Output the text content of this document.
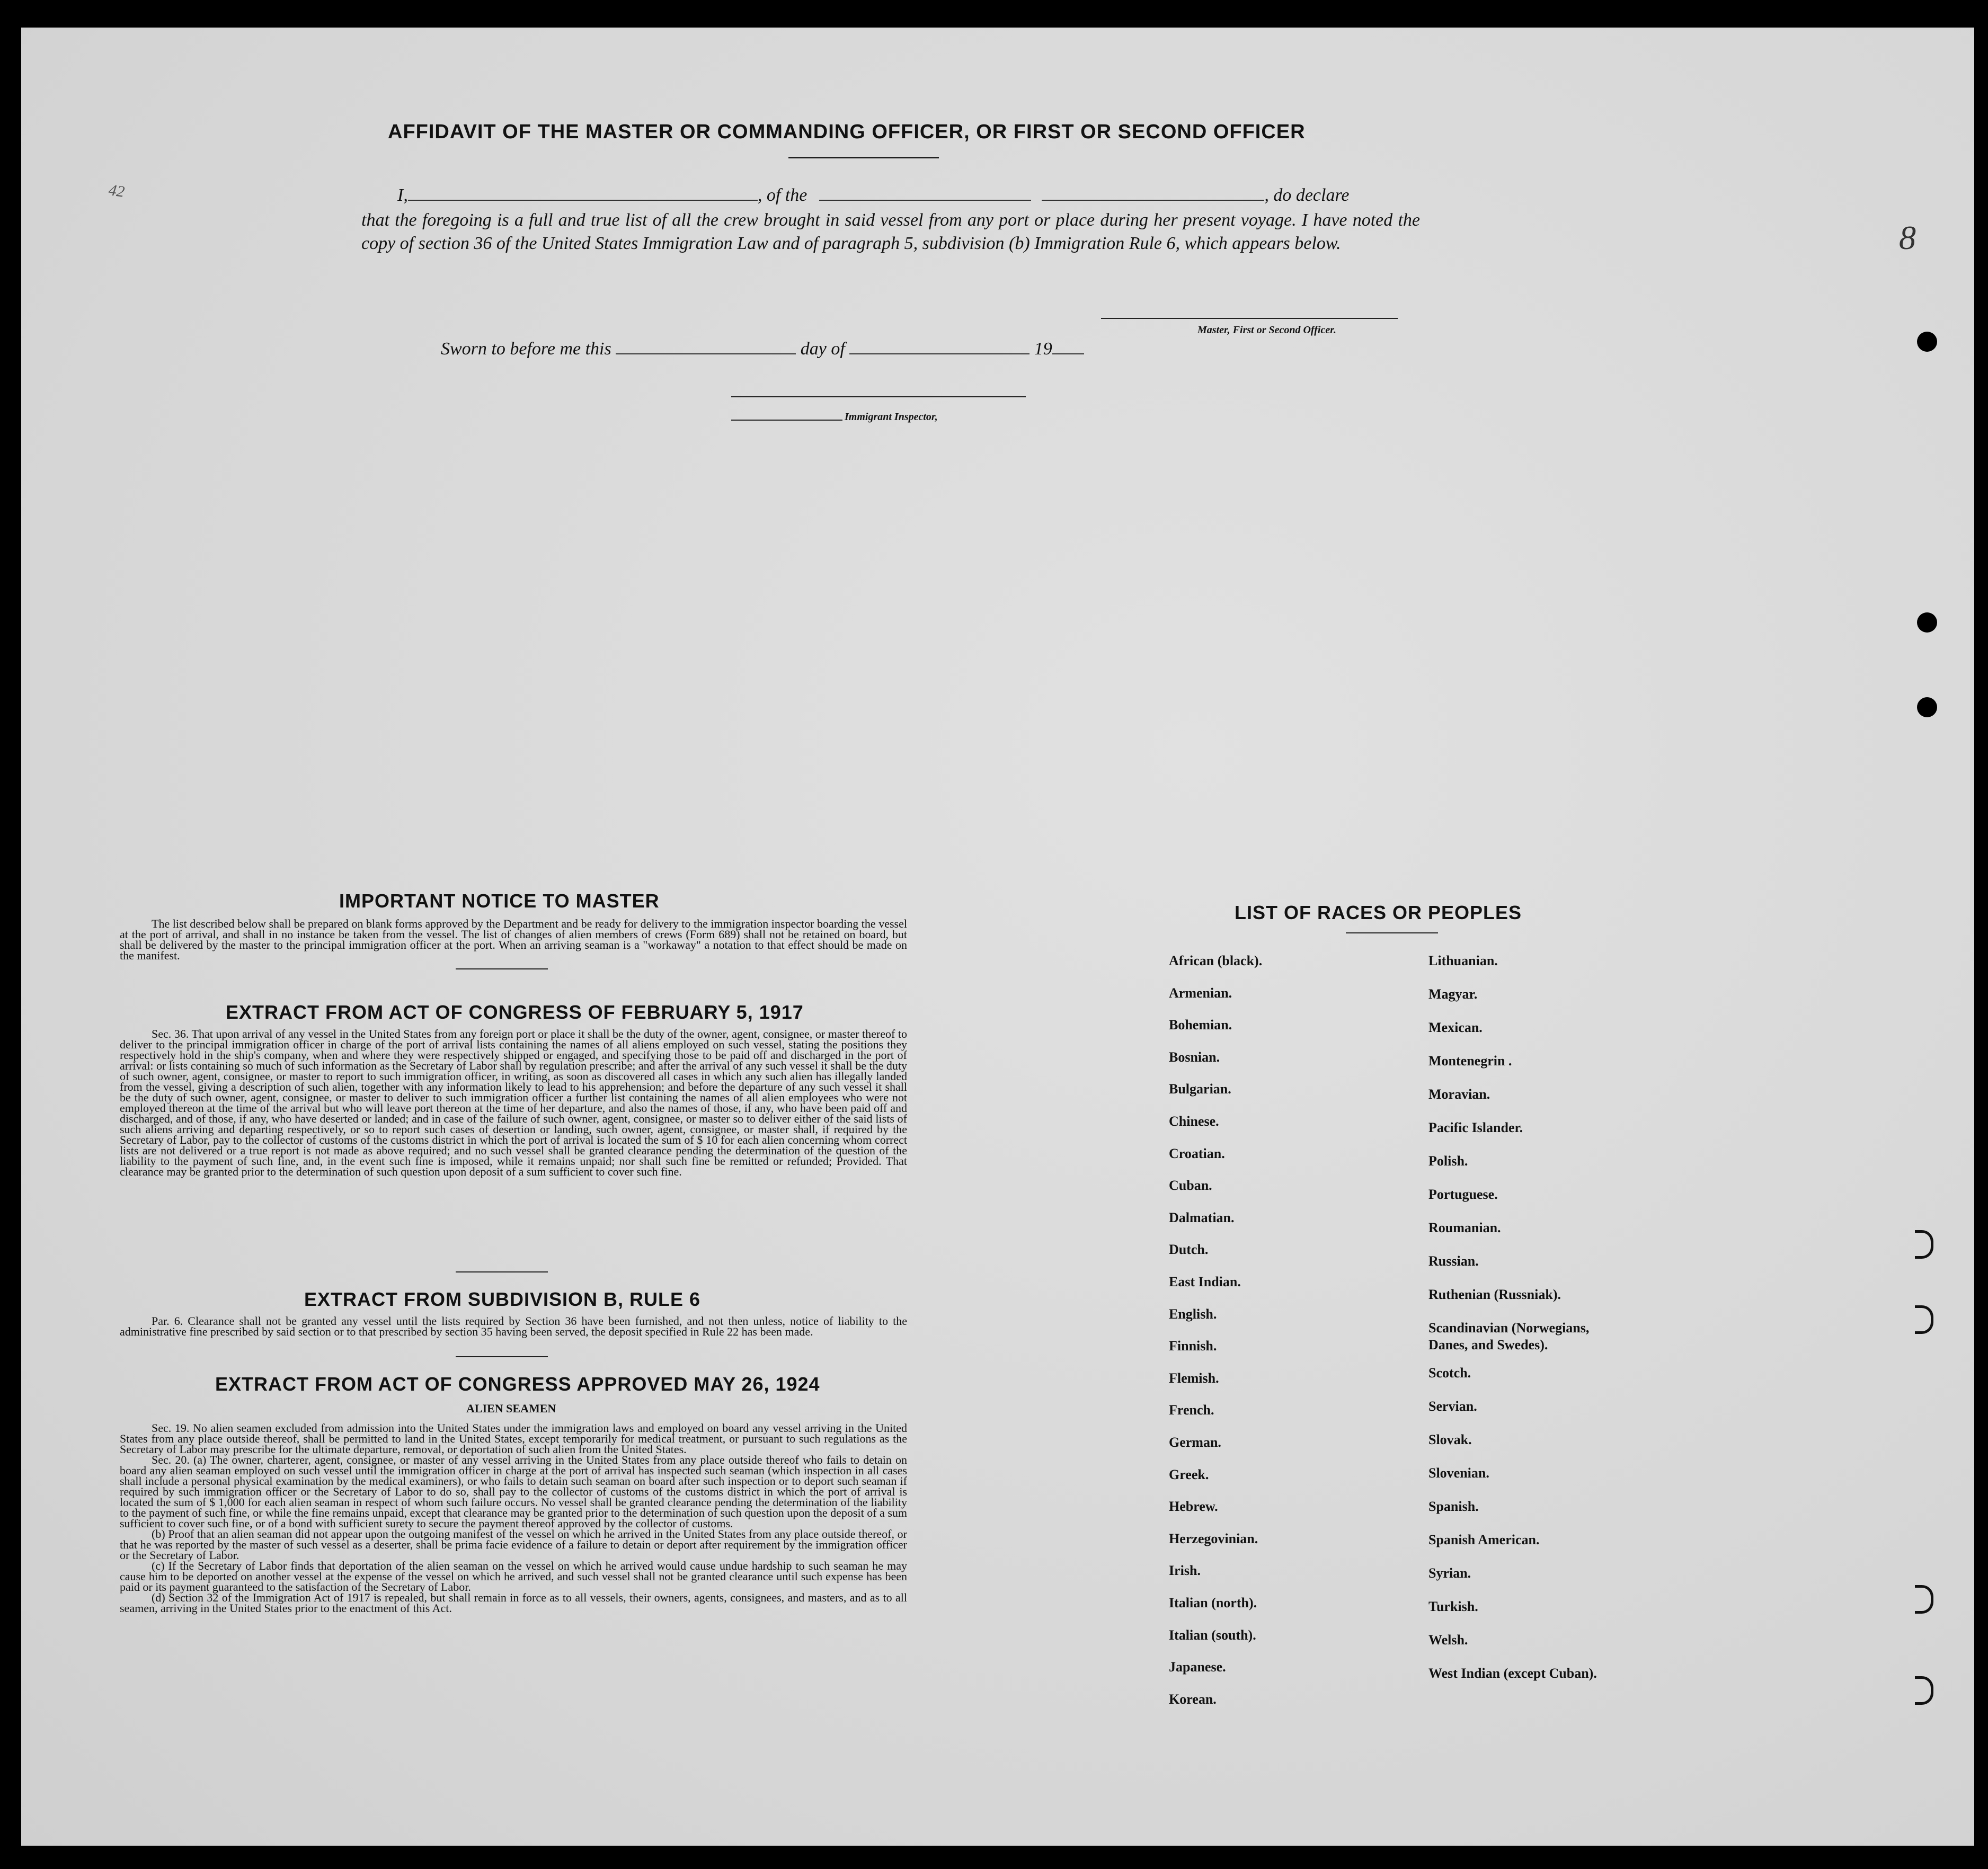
AFFIDAVIT OF THE MASTER OR COMMANDING OFFICER, OR FIRST OR SECOND OFFICER
42	I,	, of the	, do declare
that the foregoing is a full and true list of all the crew brought in said vessel from any port or place during her present voyage. I have noted the copy of section 36 of the United States Immigration Law and of paragraph 5, subdivision (b) Immigration Rule 6, which appears below.
Master, First or Second Officer.
Sworn to before me this	day of	19
Immigrant Inspector,
IMPORTANT NOTICE TO MASTER

The list described below shall be prepared on blank forms approved by the Department and be ready for delivery to the immigration inspector boarding the vessel at the port of arrival, and shall in no instance be taken from the vessel. The list of changes of alien members of crews (Form 689) shall not be retained on board, but shall be delivered by the master to the principal immigration officer at the port. When an arriving seaman is a "workaway" a notation to that effect should be made on the manifest.

EXTRACT FROM ACT OF CONGRESS OF FEBRUARY 5, 1917

Sec. 36. That upon arrival of any vessel in the United States from any foreign port or place it shall be the duty of the owner, agent, consignee, or master thereof to deliver to the principal immigration officer in charge of the port of arrival lists containing the names of all aliens employed on such vessel, stating the positions they respectively hold in the ship's company, when and where they were respectively shipped or engaged, and specifying those to be paid off and discharged in the port of arrival: or lists containing so much of such information as the Secretary of Labor shall by regulation prescribe; and after the arrival of any such vessel it shall be the duty of such owner, agent, consignee, or master to report to such immigration officer, in writing, as soon as discovered all cases in which any such alien has illegally landed from the vessel, giving a description of such alien, together with any information likely to lead to his apprehension; and before the departure of any such vessel it shall be the duty of such owner, agent, consignee, or master to deliver to such immigration officer a further list containing the names of all alien employees who were not employed thereon at the time of the arrival but who will leave port thereon at the time of her departure, and also the names of those, if any, who have been paid off and discharged, and of those, if any, who have deserted or landed; and in case of the failure of such owner, agent, consignee, or master so to deliver either of the said lists of such aliens arriving and departing respectively, or so to report such cases of desertion or landing, such owner, agent, consignee, or master shall, if required by the Secretary of Labor, pay to the collector of customs of the customs district in which the port of arrival is located the sum of $ 10 for each alien concerning whom correct lists are not delivered or a true report is not made as above required; and no such vessel shall be granted clearance pending the determination of the question of the liability to the payment of such fine, and, in the event such fine is imposed, while it remains unpaid; nor shall such fine be remitted or refunded; Provided. That clearance may be granted prior to the determination of such question upon deposit of a sum sufficient to cover such fine.

EXTRACT FROM SUBDIVISION B, RULE 6

Par. 6. Clearance shall not be granted any vessel until the lists required by Section 36 have been furnished, and not then unless, notice of liability to the administrative fine prescribed by said section or to that prescribed by section 35 having been served, the deposit specified in Rule 22 has been made.

EXTRACT FROM ACT OF CONGRESS APPROVED MAY 26, 1924
ALIEN SEAMEN

Sec. 19. No alien seamen excluded from admission into the United States under the immigration laws and employed on board any vessel arriving in the United States from any place outside thereof, shall be permitted to land in the United States, except temporarily for medical treatment, or pursuant to such regulations as the Secretary of Labor may prescribe for the ultimate departure, removal, or deportation of such alien from the United States.

Sec. 20. (a) The owner, charterer, agent, consignee, or master of any vessel arriving in the United States from any place outside thereof who fails to detain on board any alien seaman employed on such vessel until the immigration officer in charge at the port of arrival has inspected such seaman (which inspection in all cases shall include a personal physical examination by the medical examiners), or who fails to detain such seaman on board after such inspection or to deport such seaman if required by such immigration officer or the Secretary of Labor to do so, shall pay to the collector of customs of the customs district in which the port of arrival is located the sum of $ 1,000 for each alien seaman in respect of whom such failure occurs. No vessel shall be granted clearance pending the determination of the liability to the payment of such fine, or while the fine remains unpaid, except that clearance may be granted prior to the determination of such question upon the deposit of a sum sufficient to cover such fine, or of a bond with sufficient surety to secure the payment thereof approved by the collector of customs.

(b) Proof that an alien seaman did not appear upon the outgoing manifest of the vessel on which he arrived in the United States from any place outside thereof, or that he was reported by the master of such vessel as a deserter, shall be prima facie evidence of a failure to detain or deport after requirement by the immigration officer or the Secretary of Labor.

(c) If the Secretary of Labor finds that deportation of the alien seaman on the vessel on which he arrived would cause undue hardship to such seaman he may cause him to be deported on another vessel at the expense of the vessel on which he arrived, and such vessel shall not be granted clearance until such expense has been paid or its payment guaranteed to the satisfaction of the Secretary of Labor.

(d) Section 32 of the Immigration Act of 1917 is repealed, but shall remain in force as to all vessels, their owners, agents, consignees, and masters, and as to all seamen, arriving in the United States prior to the enactment of this Act.

LIST OF RACES OR PEOPLES
African (black).
Armenian.
Bohemian.
Bosnian.
Bulgarian.
Chinese.
Croatian.
Cuban.
Dalmatian.
Dutch.
East Indian.
English.
Finnish.
Flemish.
French.
German.
Greek.
Hebrew.
Herzegovinian.
Irish.
Italian (north).
Italian (south).
Japanese.
Korean.
Lithuanian.
Magyar.
Mexican.
Montenegrin .
Moravian.
Pacific Islander.
Polish.
Portuguese.
Roumanian.
Russian.
Ruthenian (Russniak).
Scandinavian (Norwegians, Danes, and Swedes).
Scotch.
Servian.
Slovak.
Slovenian.
Spanish.
Spanish American.
Syrian.
Turkish.
Welsh.
West Indian (except Cuban).
8
